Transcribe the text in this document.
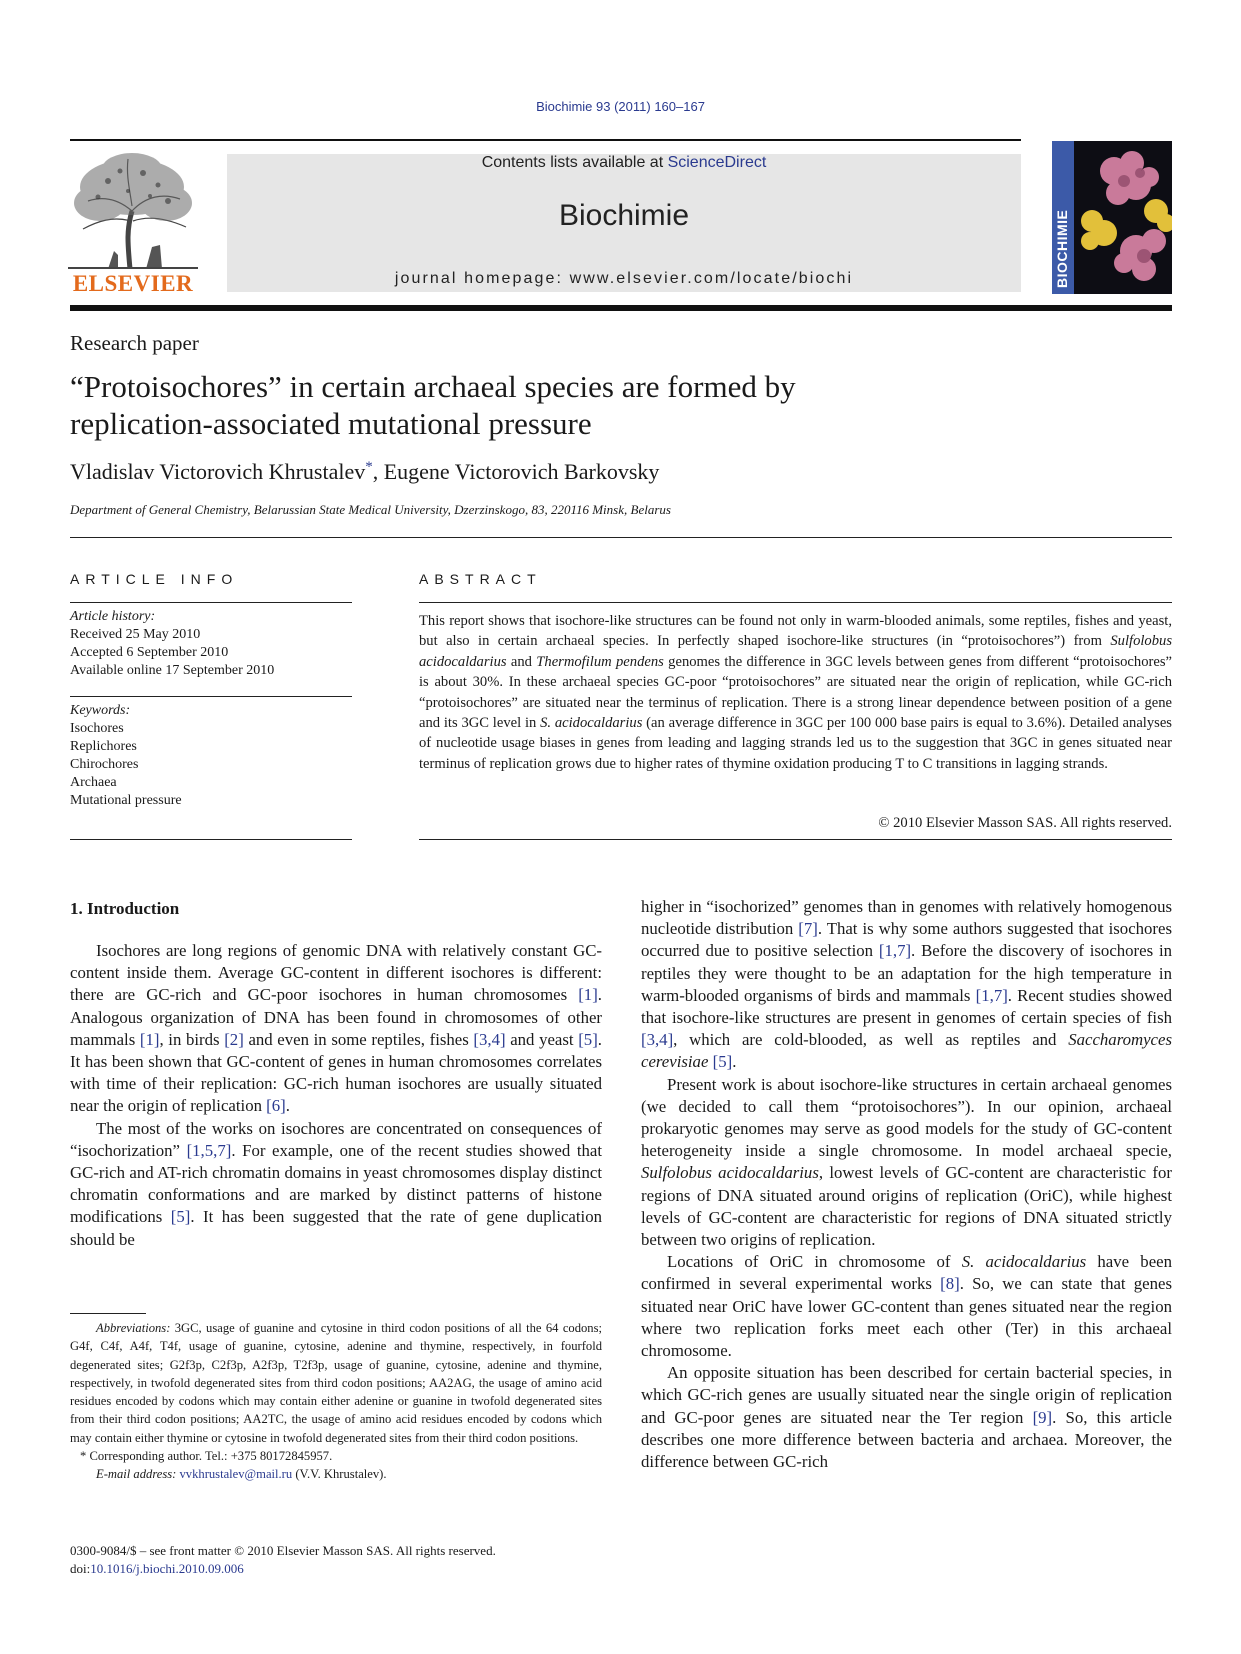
Biochimie 93 (2011) 160–167
ELSEVIER
Contents lists available at ScienceDirect
Biochimie
journal homepage: www.elsevier.com/locate/biochi	BIOCHIMIE
Research paper
“Protoisochores” in certain archaeal species are formed by
replication-associated mutational pressure
Vladislav Victorovich Khrustalev*, Eugene Victorovich Barkovsky
Department of General Chemistry, Belarussian State Medical University, Dzerzinskogo, 83, 220116 Minsk, Belarus
ARTICLE INFO
Article history:
Received 25 May 2010
Accepted 6 September 2010
Available online 17 September 2010
Keywords:
Isochores
Replichores
Chirochores
Archaea
Mutational pressure
ABSTRACT
This report shows that isochore-like structures can be found not only in warm-blooded animals, some reptiles, fishes and yeast, but also in certain archaeal species. In perfectly shaped isochore-like structures (in “protoisochores”) from Sulfolobus acidocaldarius and Thermofilum pendens genomes the difference in 3GC levels between genes from different “protoisochores” is about 30%. In these archaeal species GC-poor “protoisochores” are situated near the origin of replication, while GC-rich “protoisochores” are situated near the terminus of replication. There is a strong linear dependence between position of a gene and its 3GC level in S. acidocaldarius (an average difference in 3GC per 100 000 base pairs is equal to 3.6%). Detailed analyses of nucleotide usage biases in genes from leading and lagging strands led us to the suggestion that 3GC in genes situated near terminus of replication grows due to higher rates of thymine oxidation producing T to C transitions in lagging strands.
© 2010 Elsevier Masson SAS. All rights reserved.
1. Introduction

Isochores are long regions of genomic DNA with relatively constant GC-content inside them. Average GC-content in different isochores is different: there are GC-rich and GC-poor isochores in human chromosomes [1]. Analogous organization of DNA has been found in chromosomes of other mammals [1], in birds [2] and even in some reptiles, fishes [3,4] and yeast [5]. It has been shown that GC-content of genes in human chromosomes correlates with time of their replication: GC-rich human isochores are usually situated near the origin of replication [6].

The most of the works on isochores are concentrated on consequences of “isochorization” [1,5,7]. For example, one of the recent studies showed that GC-rich and AT-rich chromatin domains in yeast chromosomes display distinct chromatin conformations and are marked by distinct patterns of histone modifications [5]. It has been suggested that the rate of gene duplication should be

higher in “isochorized” genomes than in genomes with relatively homogenous nucleotide distribution [7]. That is why some authors suggested that isochores occurred due to positive selection [1,7]. Before the discovery of isochores in reptiles they were thought to be an adaptation for the high temperature in warm-blooded organisms of birds and mammals [1,7]. Recent studies showed that isochore-like structures are present in genomes of certain species of fish [3,4], which are cold-blooded, as well as reptiles and Saccharomyces cerevisiae [5].

Present work is about isochore-like structures in certain archaeal genomes (we decided to call them “protoisochores”). In our opinion, archaeal prokaryotic genomes may serve as good models for the study of GC-content heterogeneity inside a single chromosome. In model archaeal specie, Sulfolobus acidocaldarius, lowest levels of GC-content are characteristic for regions of DNA situated around origins of replication (OriC), while highest levels of GC-content are characteristic for regions of DNA situated strictly between two origins of replication.

Locations of OriC in chromosome of S. acidocaldarius have been confirmed in several experimental works [8]. So, we can state that genes situated near OriC have lower GC-content than genes situated near the region where two replication forks meet each other (Ter) in this archaeal chromosome.

An opposite situation has been described for certain bacterial species, in which GC-rich genes are usually situated near the single origin of replication and GC-poor genes are situated near the Ter region [9]. So, this article describes one more difference between bacteria and archaea. Moreover, the difference between GC-rich

Abbreviations: 3GC, usage of guanine and cytosine in third codon positions of all the 64 codons; G4f, C4f, A4f, T4f, usage of guanine, cytosine, adenine and thymine, respectively, in fourfold degenerated sites; G2f3p, C2f3p, A2f3p, T2f3p, usage of guanine, cytosine, adenine and thymine, respectively, in twofold degenerated sites from third codon positions; AA2AG, the usage of amino acid residues encoded by codons which may contain either adenine or guanine in twofold degenerated sites from their third codon positions; AA2TC, the usage of amino acid residues encoded by codons which may contain either thymine or cytosine in twofold degenerated sites from their third codon positions.

* Corresponding author. Tel.: +375 80172845957.

E-mail address: vvkhrustalev@mail.ru (V.V. Khrustalev).

0300-9084/$ – see front matter © 2010 Elsevier Masson SAS. All rights reserved.
doi:10.1016/j.biochi.2010.09.006
